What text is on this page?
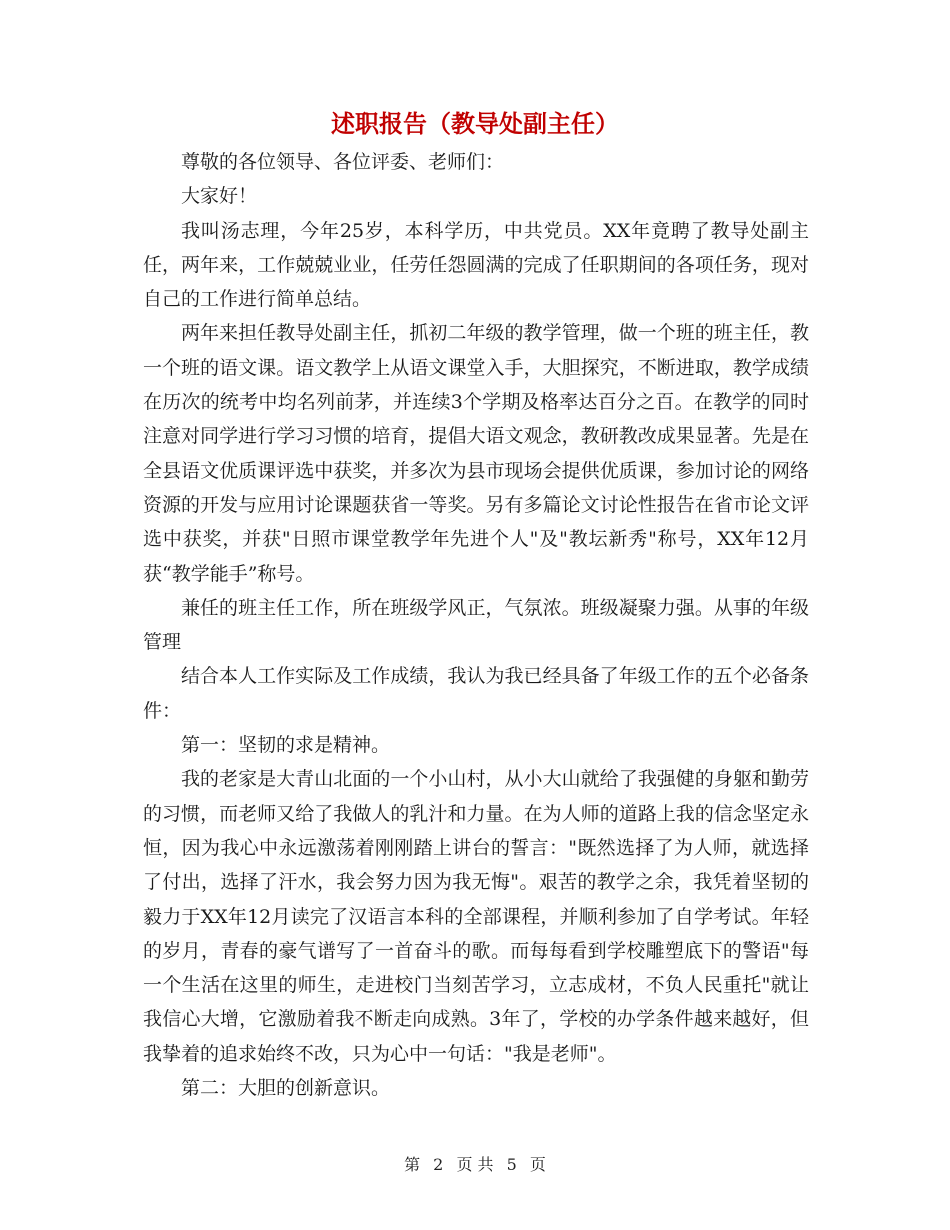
述职报告（教导处副主任）

尊敬的各位领导、各位评委、老师们：

大家好！

我叫汤志理，今年25岁，本科学历，中共党员。XX年竟聘了教导处副主任，两年来，工作兢兢业业，任劳任怨圆满的完成了任职期间的各项任务，现对自己的工作进行简单总结。

两年来担任教导处副主任，抓初二年级的教学管理，做一个班的班主任，教一个班的语文课。语文教学上从语文课堂入手，大胆探究，不断进取，教学成绩在历次的统考中均名列前茅，并连续3个学期及格率达百分之百。在教学的同时注意对同学进行学习习惯的培育，提倡大语文观念，教研教改成果显著。先是在全县语文优质课评选中获奖，并多次为县市现场会提供优质课，参加讨论的网络资源的开发与应用讨论课题获省一等奖。另有多篇论文讨论性报告在省市论文评选中获奖，并获"日照市课堂教学年先进个人"及"教坛新秀"称号，XX年12月获“教学能手”称号。

兼任的班主任工作，所在班级学风正，气氛浓。班级凝聚力强。从事的年级管理

结合本人工作实际及工作成绩，我认为我已经具备了年级工作的五个必备条件：

第一：坚韧的求是精神。

我的老家是大青山北面的一个小山村，从小大山就给了我强健的身躯和勤劳的习惯，而老师又给了我做人的乳汁和力量。在为人师的道路上我的信念坚定永恒，因为我心中永远激荡着刚刚踏上讲台的誓言："既然选择了为人师，就选择了付出，选择了汗水，我会努力因为我无悔"。艰苦的教学之余，我凭着坚韧的毅力于XX年12月读完了汉语言本科的全部课程，并顺利参加了自学考试。年轻的岁月，青春的豪气谱写了一首奋斗的歌。而每每看到学校雕塑底下的警语"每一个生活在这里的师生，走进校门当刻苦学习，立志成材，不负人民重托"就让我信心大增，它激励着我不断走向成熟。3年了，学校的办学条件越来越好，但我挚着的追求始终不改，只为心中一句话："我是老师"。

第二：大胆的创新意识。

第 2 页 共 5 页
